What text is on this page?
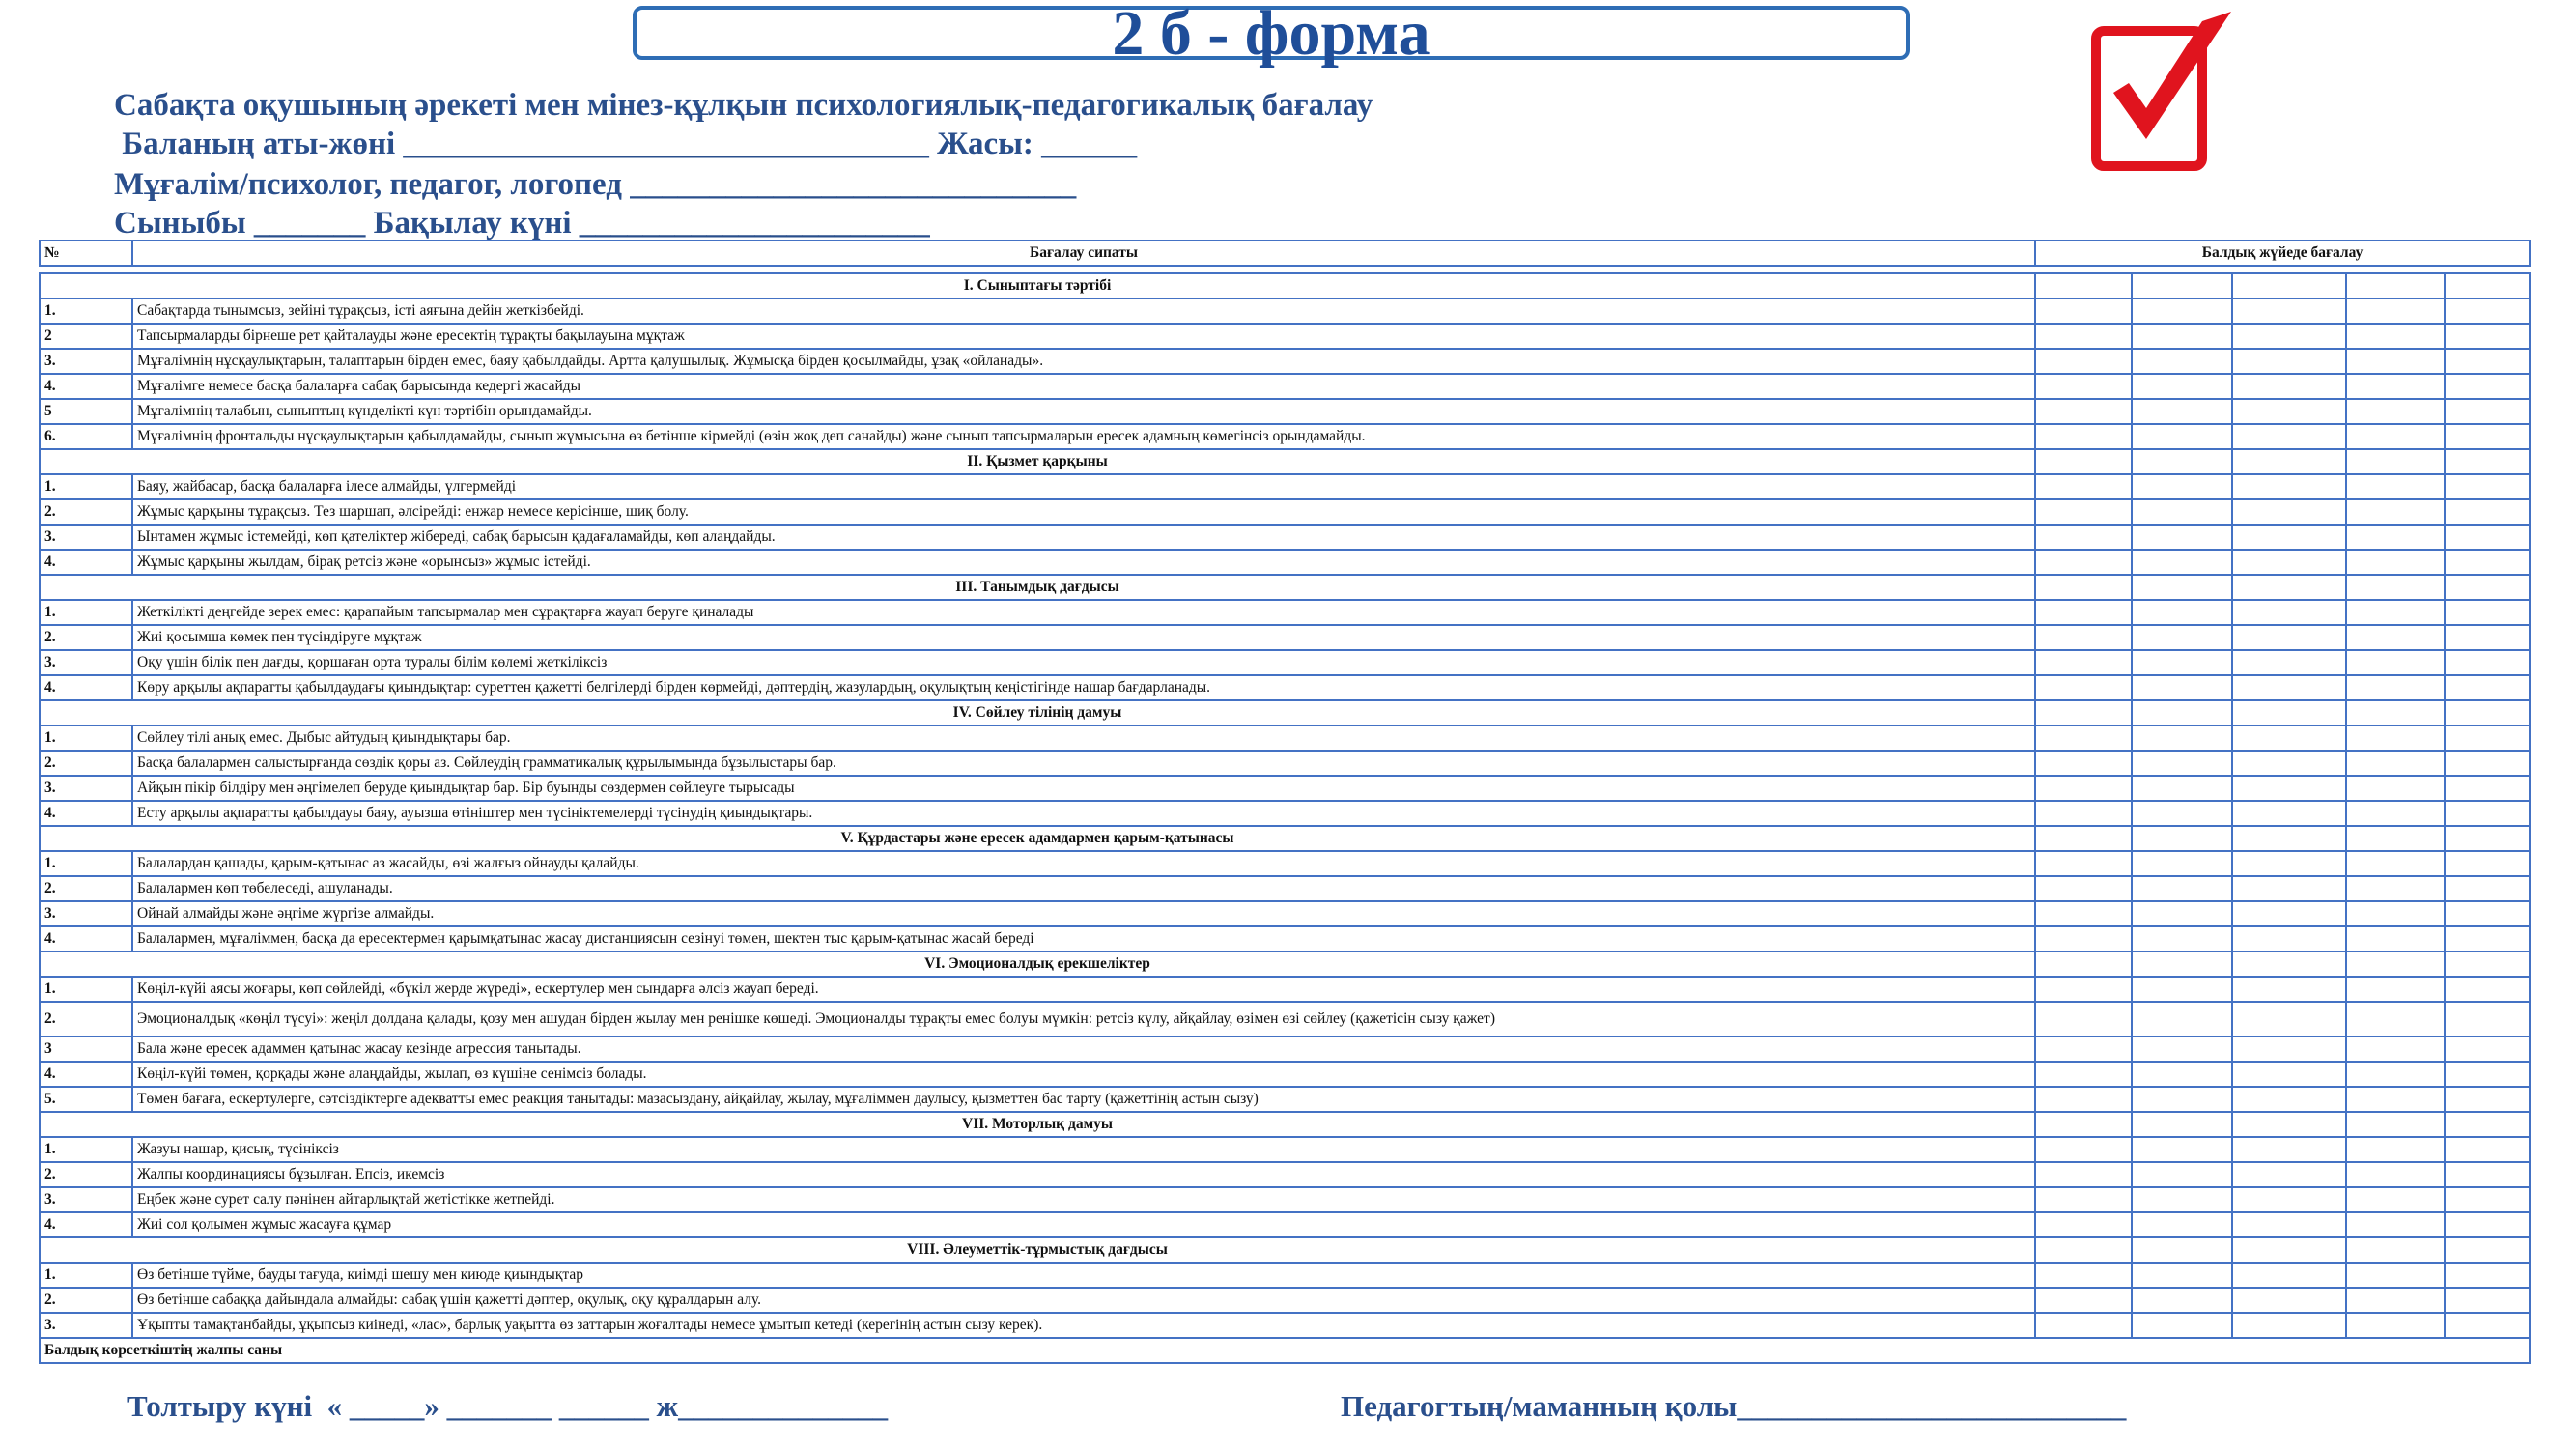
2 б - форма
Сабақта оқушының әрекеті мен мінез-құлқын психологиялық-педагогикалық бағалау
Баланың аты-жөні _________________________________ Жасы: ______
Мұғалім/психолог, педагог, логопед ____________________________
Сыныбы _______ Бақылау күні ______________________
№	Бағалау сипаты	Балдық жүйеде бағалау				

І. Сыныптағы тәртібі						
1.	Сабақтарда тынымсыз, зейіні тұрақсыз, істі аяғына дейін жеткізбейді.					
2	Тапсырмаларды бірнеше рет қайталауды және ересектің тұрақты бақылауына мұқтаж					
3.	Мұғалімнің нұсқаулықтарын, талаптарын бірден емес, баяу қабылдайды. Артта қалушылық. Жұмысқа бірден қосылмайды, ұзақ «ойланады».					
4.	Мұғалімге немесе басқа балаларға сабақ барысында кедергі жасайды					
5	Мұғалімнің талабын, сыныптың күнделікті күн тәртібін орындамайды.					
6.	Мұғалімнің фронтальды нұсқаулықтарын қабылдамайды, сынып жұмысына өз бетінше кірмейді (өзін жоқ деп санайды) және сынып тапсырмаларын ересек адамның көмегінсіз орындамайды.					
ІІ. Қызмет қарқыны						
1.	Баяу, жайбасар, басқа балаларға ілесе алмайды, үлгермейді					
2.	Жұмыс қарқыны тұрақсыз. Тез шаршап, әлсірейді: енжар немесе керісінше, шиқ болу.					
3.	Ынтамен жұмыс істемейді, көп қателіктер жібереді, сабақ барысын қадағаламайды, көп алаңдайды.					
4.	Жұмыс қарқыны жылдам, бірақ ретсіз және «орынсыз» жұмыс істейді.					
ІІІ. Танымдық дағдысы						
1.	Жеткілікті деңгейде зерек емес: қарапайым тапсырмалар мен сұрақтарға жауап беруге қиналады					
2.	Жиі қосымша көмек пен түсіндіруге мұқтаж					
3.	Оқу үшін білік пен дағды, қоршаған орта туралы білім көлемі жеткіліксіз					
4.	Көру арқылы ақпаратты қабылдаудағы қиындықтар: суреттен қажетті белгілерді бірден көрмейді, дәптердің, жазулардың, оқулықтың кеңістігінде нашар бағдарланады.					
IV. Сөйлеу тілінің дамуы						
1.	Сөйлеу тілі анық емес. Дыбыс айтудың қиындықтары бар.					
2.	Басқа балалармен салыстырғанда сөздік қоры аз. Сөйлеудің грамматикалық құрылымында бұзылыстары бар.					
3.	Айқын пікір білдіру мен әңгімелеп беруде қиындықтар бар. Бір буынды сөздермен сөйлеуге тырысады					
4.	Есту арқылы ақпаратты қабылдауы баяу, ауызша өтініштер мен түсініктемелерді түсінудің қиындықтары.					
V. Құрдастары және ересек адамдармен қарым-қатынасы						
1.	Балалардан қашады, қарым-қатынас аз жасайды, өзі жалғыз ойнауды қалайды.					
2.	Балалармен көп төбелеседі, ашуланады.					
3.	Ойнай алмайды және әңгіме жүргізе алмайды.					
4.	Балалармен, мұғаліммен, басқа да ересектермен қарымқатынас жасау дистанциясын сезінуі төмен, шектен тыс қарым-қатынас жасай береді					
VІ. Эмоционалдық ерекшеліктер						
1.	Көңіл-күйі аясы жоғары, көп сөйлейді, «бүкіл жерде жүреді», ескертулер мен сындарға әлсіз жауап береді.					
2.	Эмоционалдық «көңіл түсуі»: жеңіл долдана қалады, қозу мен ашудан бірден жылау мен ренішке көшеді. Эмоционалды тұрақты емес болуы мүмкін: ретсіз күлу, айқайлау, өзімен өзі сөйлеу (қажетісін сызу қажет)					
3	Бала және ересек адаммен қатынас жасау кезінде агрессия танытады.					
4.	Көңіл-күйі төмен, қорқады және алаңдайды, жылап, өз күшіне сенімсіз болады.					
5.	Төмен бағаға, ескертулерге, сәтсіздіктерге адекватты емес реакция танытады: мазасыздану, айқайлау, жылау, мұғаліммен даулысу, қызметтен бас тарту (қажеттінің астын сызу)					
VІІ. Моторлық дамуы						
1.	Жазуы нашар, қисық, түсініксіз					
2.	Жалпы координациясы бұзылған. Епсіз, икемсіз					
3.	Еңбек және сурет салу пәнінен айтарлықтай жетістікке жетпейді.					
4.	Жиі сол қолымен жұмыс жасауға құмар					
VІІІ. Әлеуметтік-тұрмыстық дағдысы						
1.	Өз бетінше түйме, бауды тағуда, киімді шешу мен киюде қиындықтар					
2.	Өз бетінше сабаққа дайындала алмайды: сабақ үшін қажетті дәптер, оқулық, оқу құралдарын алу.					
3.	Ұқыпты тамақтанбайды, ұқыпсыз киінеді, «лас», барлық уақытта өз заттарын жоғалтады немесе ұмытып кетеді (керегінің астын сызу керек).					
Балдық көрсеткіштің жалпы саны						
Толтыру күні  « _____» _______ ______ ж______________	Педагогтың/маманның қолы__________________________
